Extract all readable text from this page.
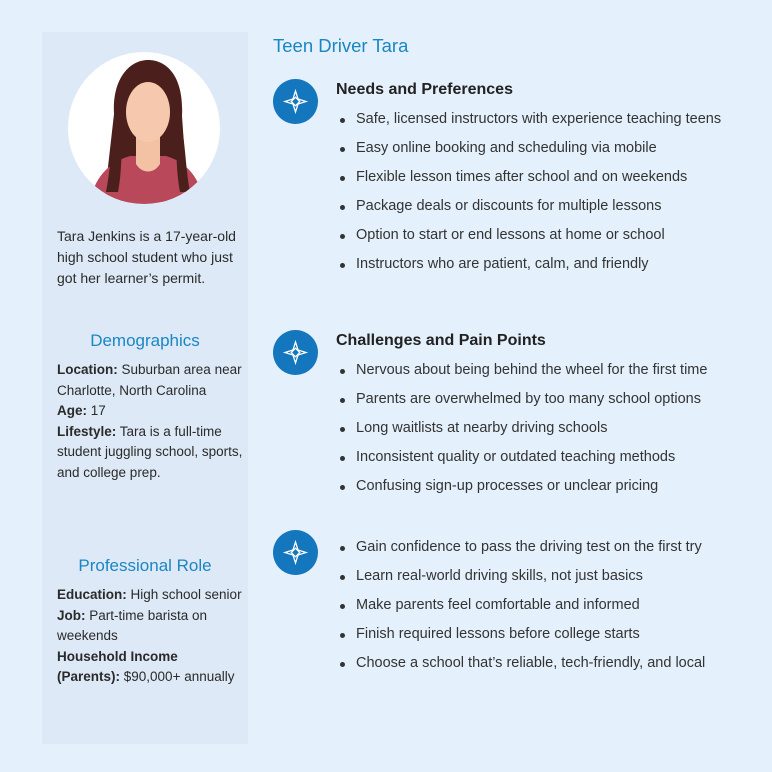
Tara Jenkins is a 17-year-old high school student who just got her learner’s permit.
Demographics
Location: Suburban area near Charlotte, North Carolina
Age: 17
Lifestyle: Tara is a full-time student juggling school, sports, and college prep.
Professional Role
Education: High school senior
Job: Part-time barista on weekends
Household Income (Parents): $90,000+ annually
Teen Driver Tara
Needs and Preferences
Safe, licensed instructors with experience teaching teens
Easy online booking and scheduling via mobile
Flexible lesson times after school and on weekends
Package deals or discounts for multiple lessons
Option to start or end lessons at home or school
Instructors who are patient, calm, and friendly
Challenges and Pain Points
Nervous about being behind the wheel for the first time
Parents are overwhelmed by too many school options
Long waitlists at nearby driving schools
Inconsistent quality or outdated teaching methods
Confusing sign-up processes or unclear pricing
Gain confidence to pass the driving test on the first try
Learn real-world driving skills, not just basics
Make parents feel comfortable and informed
Finish required lessons before college starts
Choose a school that’s reliable, tech-friendly, and local
